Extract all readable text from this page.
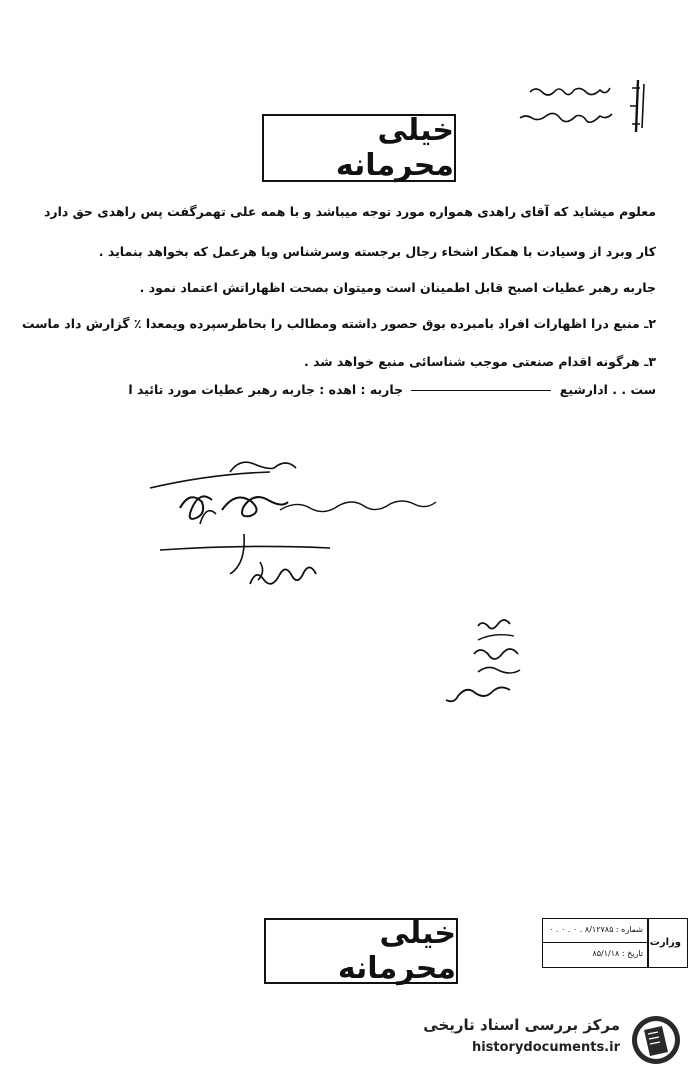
خیلی محرمانه
معلوم میشاید که آقای راهدی همواره مورد توجه میباشد و با همه علی تهمرگفت پس راهدی حق دارد
کار وبرد از وسیادت با همکار اشخاء رجال برجسته وسرشناس وبا هرعمل که بخواهد بنماید .
جاربه رهبر عطیات اصبح قابل اطمینان است ومیتوان بصحت اظهاراتش اعتماد نمود .
۲ـ منبع درا اظهارات افراد بامبرده بوق حصور داشته ومطالب را بحاطرسپرده ویمعدا ٪ گزارش داد ماست
۳ـ هرگونه اقدام صنعتی موجب شناسائی منبع خواهد شد .
ست . . ادارشیع  جاربه : اهده : جاربه رهبر عطیات مورد تائید ا
خیلی محرمانه
شماره : ۸/۱۲۷۸۵ . ۰ . ۰ . ۰
تاریخ : ۸۵/۱/۱۸
وزارت
مرکز بررسی اسناد تاریخی
historydocuments.ir
